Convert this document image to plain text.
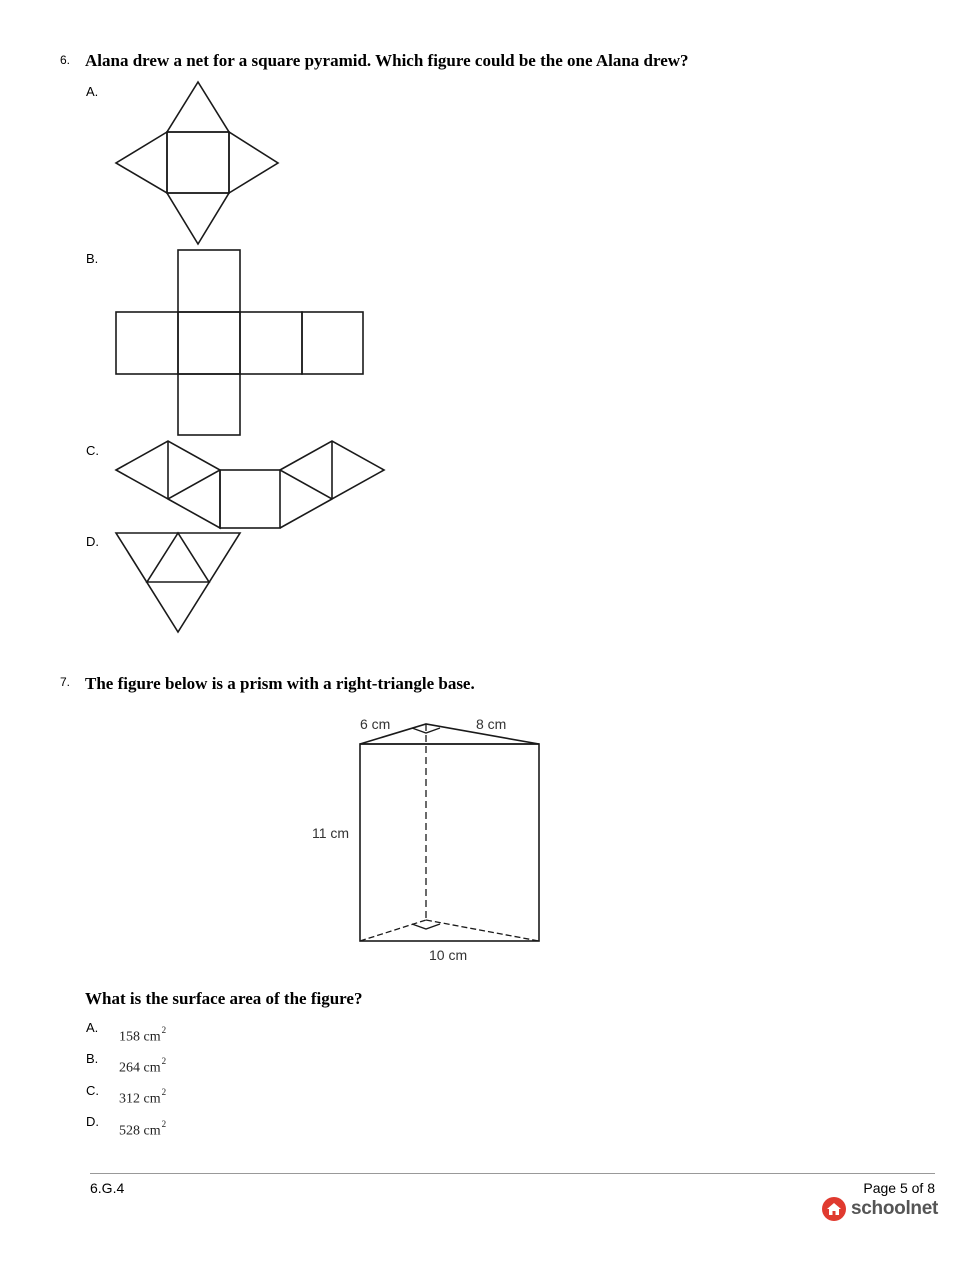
6. Alana drew a net for a square pyramid. Which figure could be the one Alana drew?
A.
B.
C.
D.
7. The figure below is a prism with a right-triangle base.
6 cm	8 cm
11 cm
10 cm
What is the surface area of the figure?
A.
158 $cm^2$
B.
264 $cm^2$
C.
312 $cm^2$
D.
528 $cm^2$
6.G.4	Page 5 of 8
schoolnet
